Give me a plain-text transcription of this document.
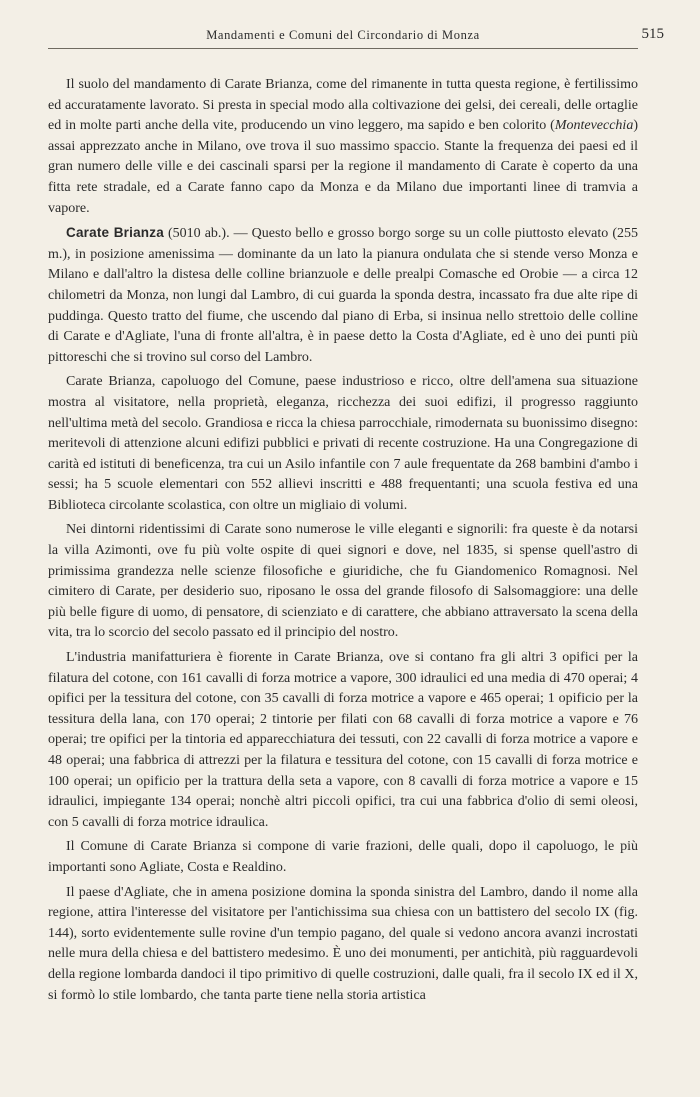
Mandamenti e Comuni del Circondario di Monza	515

Il suolo del mandamento di Carate Brianza, come del rimanente in tutta questa regione, è fertilissimo ed accuratamente lavorato. Si presta in special modo alla coltivazione dei gelsi, dei cereali, delle ortaglie ed in molte parti anche della vite, producendo un vino leggero, ma sapido e ben colorito (Montevecchia) assai apprezzato anche in Milano, ove trova il suo massimo spaccio. Stante la frequenza dei paesi ed il gran numero delle ville e dei cascinali sparsi per la regione il mandamento di Carate è coperto da una fitta rete stradale, ed a Carate fanno capo da Monza e da Milano due importanti linee di tramvia a vapore.

Carate Brianza (5010 ab.). — Questo bello e grosso borgo sorge su un colle piuttosto elevato (255 m.), in posizione amenissima — dominante da un lato la pianura ondulata che si stende verso Monza e Milano e dall'altro la distesa delle colline brianzuole e delle prealpi Comasche ed Orobie — a circa 12 chilometri da Monza, non lungi dal Lambro, di cui guarda la sponda destra, incassato fra due alte ripe di puddinga. Questo tratto del fiume, che uscendo dal piano di Erba, si insinua nello strettoio delle colline di Carate e d'Agliate, l'una di fronte all'altra, è in paese detto la Costa d'Agliate, ed è uno dei punti più pittoreschi che si trovino sul corso del Lambro.

Carate Brianza, capoluogo del Comune, paese industrioso e ricco, oltre dell'amena sua situazione mostra al visitatore, nella proprietà, eleganza, ricchezza dei suoi edifizi, il progresso raggiunto nell'ultima metà del secolo. Grandiosa e ricca la chiesa parrocchiale, rimodernata su buonissimo disegno: meritevoli di attenzione alcuni edifizi pubblici e privati di recente costruzione. Ha una Congregazione di carità ed istituti di beneficenza, tra cui un Asilo infantile con 7 aule frequentate da 268 bambini d'ambo i sessi; ha 5 scuole elementari con 552 allievi inscritti e 488 frequentanti; una scuola festiva ed una Biblioteca circolante scolastica, con oltre un migliaio di volumi.

Nei dintorni ridentissimi di Carate sono numerose le ville eleganti e signorili: fra queste è da notarsi la villa Azimonti, ove fu più volte ospite di quei signori e dove, nel 1835, si spense quell'astro di primissima grandezza nelle scienze filosofiche e giuridiche, che fu Giandomenico Romagnosi. Nel cimitero di Carate, per desiderio suo, riposano le ossa del grande filosofo di Salsomaggiore: una delle più belle figure di uomo, di pensatore, di scienziato e di carattere, che abbiano attraversato la scena della vita, tra lo scorcio del secolo passato ed il principio del nostro.

L'industria manifatturiera è fiorente in Carate Brianza, ove si contano fra gli altri 3 opifici per la filatura del cotone, con 161 cavalli di forza motrice a vapore, 300 idraulici ed una media di 470 operai; 4 opifici per la tessitura del cotone, con 35 cavalli di forza motrice a vapore e 465 operai; 1 opificio per la tessitura della lana, con 170 operai; 2 tintorie per filati con 68 cavalli di forza motrice a vapore e 76 operai; tre opifici per la tintoria ed apparecchiatura dei tessuti, con 22 cavalli di forza motrice a vapore e 48 operai; una fabbrica di attrezzi per la filatura e tessitura del cotone, con 15 cavalli di forza motrice e 100 operai; un opificio per la trattura della seta a vapore, con 8 cavalli di forza motrice a vapore e 15 idraulici, impiegante 134 operai; nonchè altri piccoli opifici, tra cui una fabbrica d'olio di semi oleosi, con 5 cavalli di forza motrice idraulica.

Il Comune di Carate Brianza si compone di varie frazioni, delle quali, dopo il capoluogo, le più importanti sono Agliate, Costa e Realdino.

Il paese d'Agliate, che in amena posizione domina la sponda sinistra del Lambro, dando il nome alla regione, attira l'interesse del visitatore per l'antichissima sua chiesa con un battistero del secolo IX (fig. 144), sorto evidentemente sulle rovine d'un tempio pagano, del quale si vedono ancora avanzi incrostati nelle mura della chiesa e del battistero medesimo. È uno dei monumenti, per antichità, più ragguardevoli della regione lombarda dandoci il tipo primitivo di quelle costruzioni, dalle quali, fra il secolo IX ed il X, si formò lo stile lombardo, che tanta parte tiene nella storia artistica
